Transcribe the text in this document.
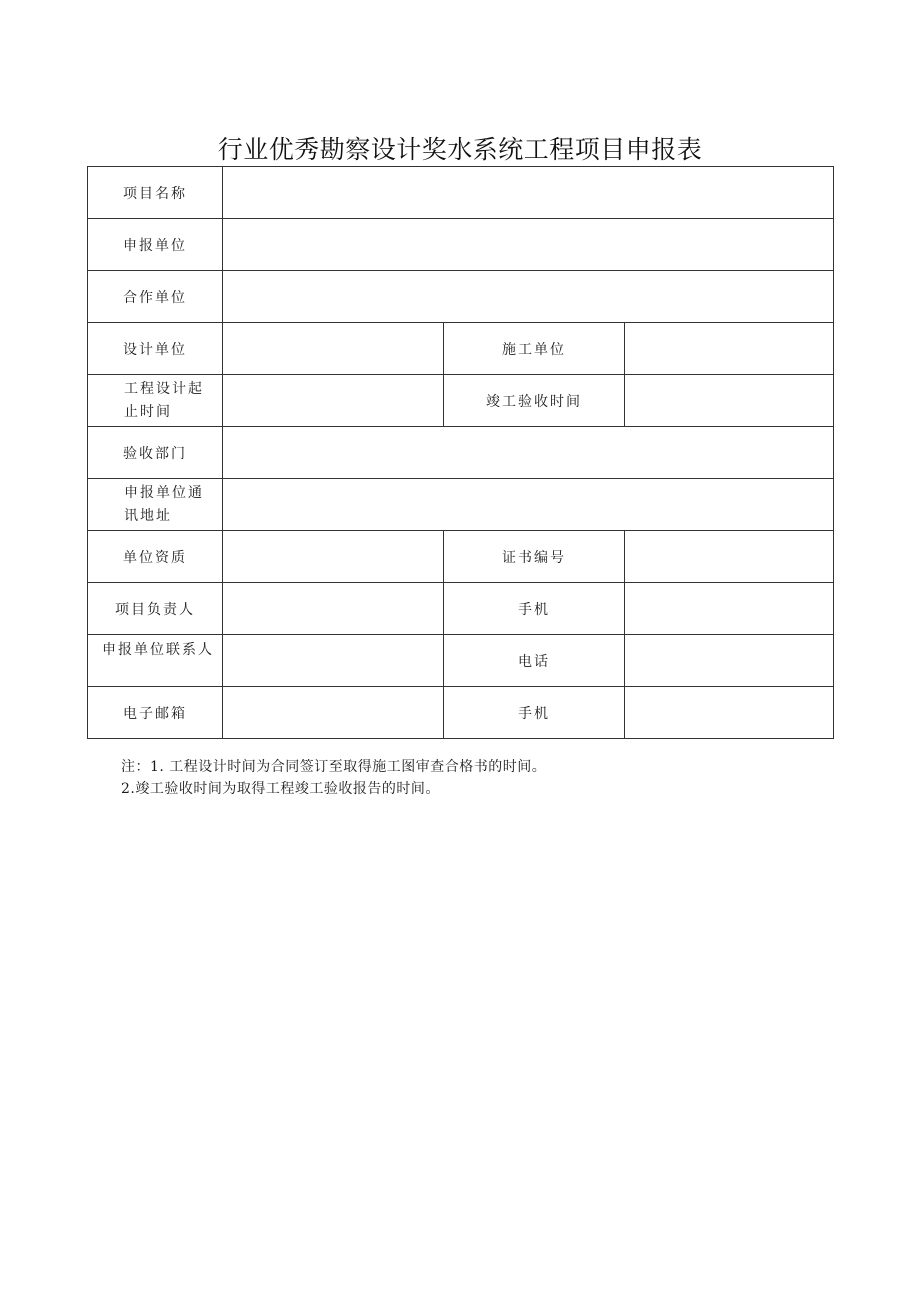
行业优秀勘察设计奖水系统工程项目申报表
项目名称			
申报单位			
合作单位			
设计单位		施工单位	
工程设计起止时间		竣工验收时间	
验收部门			
申报单位通讯地址			
单位资质		证书编号	
项目负责人		手机	
申报单位联系人		电话	
电子邮箱		手机	
注：1. 工程设计时间为合同签订至取得施工图审查合格书的时间。
2.竣工验收时间为取得工程竣工验收报告的时间。
